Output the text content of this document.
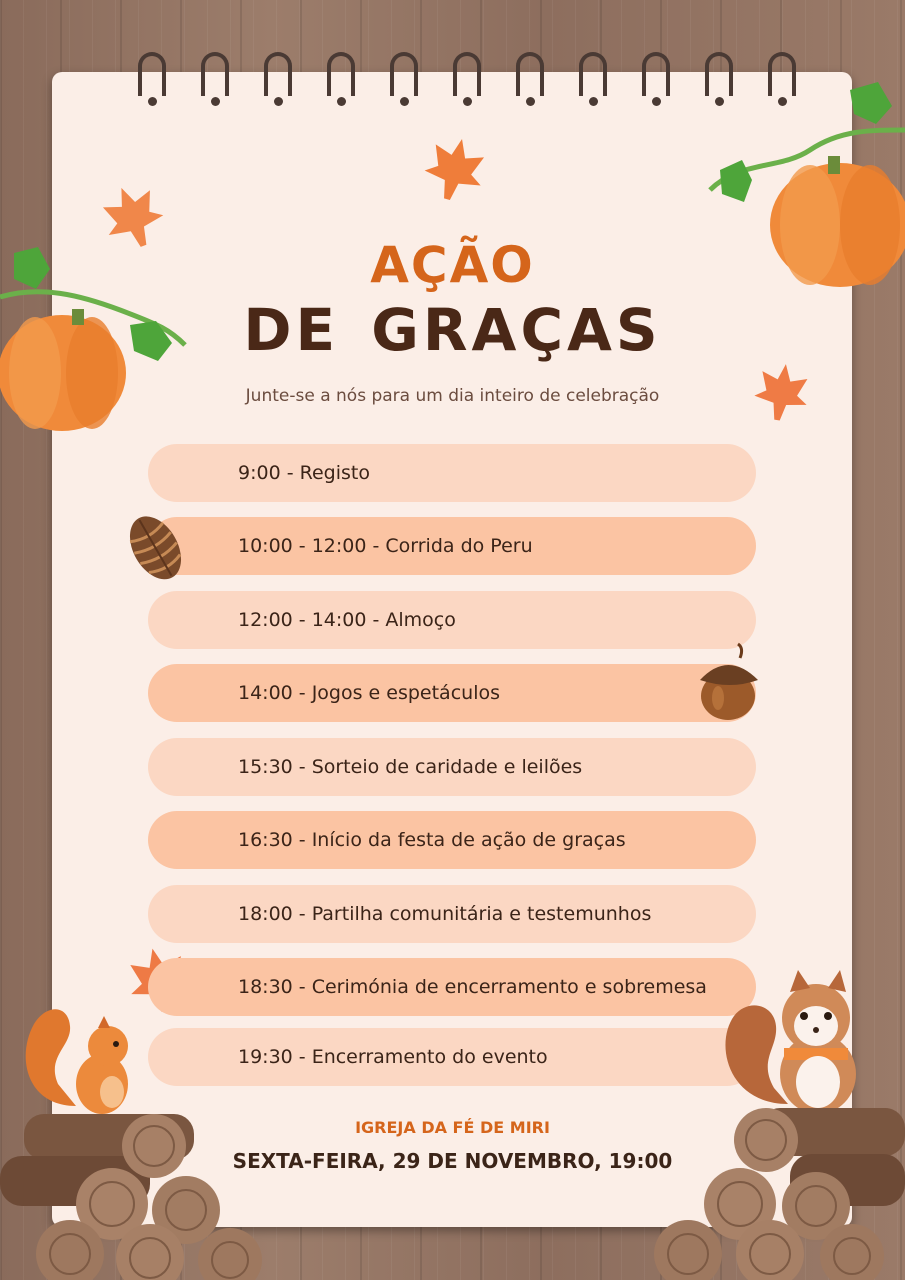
AÇÃO
DE GRAÇAS
Junte-se a nós para um dia inteiro de celebração
9:00 - Registo
10:00 - 12:00 - Corrida do Peru
12:00 - 14:00 - Almoço
14:00 - Jogos e espetáculos
15:30 - Sorteio de caridade e leilões
16:30 - Início da festa de ação de graças
18:00 - Partilha comunitária e testemunhos
18:30 - Cerimónia de encerramento e sobremesa
19:30 - Encerramento do evento
IGREJA DA FÉ DE MIRI
SEXTA-FEIRA, 29 DE NOVEMBRO, 19:00
